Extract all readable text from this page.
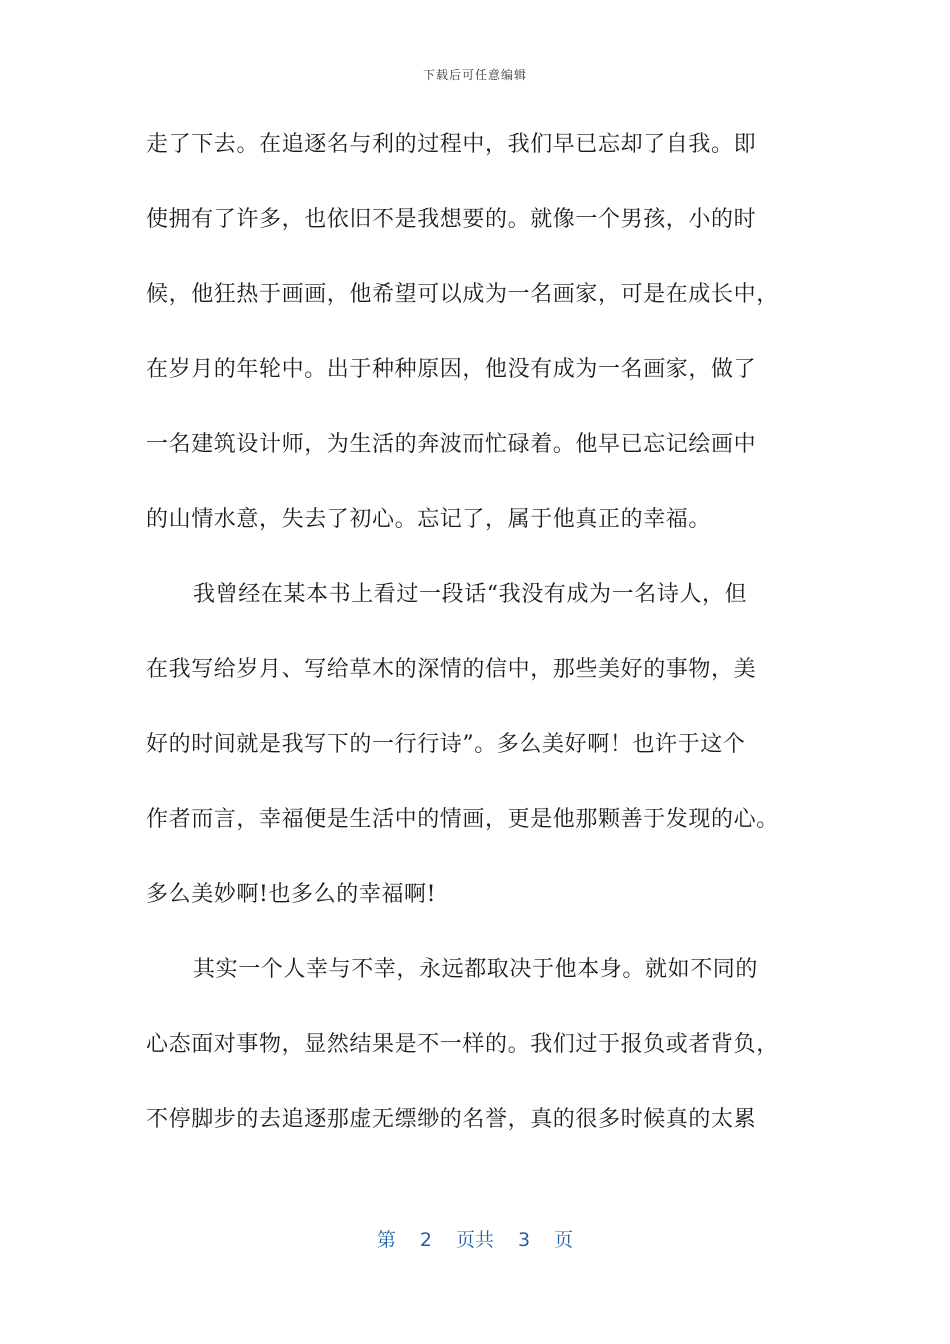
下载后可任意编辑
走了下去。在追逐名与利的过程中，我们早已忘却了自我。即
使拥有了许多，也依旧不是我想要的。就像一个男孩，小的时
候，他狂热于画画，他希望可以成为一名画家，可是在成长中，
在岁月的年轮中。出于种种原因，他没有成为一名画家，做了
一名建筑设计师，为生活的奔波而忙碌着。他早已忘记绘画中
的山情水意，失去了初心。忘记了，属于他真正的幸福。
我曾经在某本书上看过一段话“我没有成为一名诗人，但
在我写给岁月、写给草木的深情的信中，那些美好的事物，美
好的时间就是我写下的一行行诗”。多么美好啊！也许于这个
作者而言，幸福便是生活中的情画，更是他那颗善于发现的心。
多么美妙啊!也多么的幸福啊!
其实一个人幸与不幸，永远都取决于他本身。就如不同的
心态面对事物，显然结果是不一样的。我们过于报负或者背负，
不停脚步的去追逐那虚无缥缈的名誉，真的很多时候真的太累
第 2 页共 3 页
